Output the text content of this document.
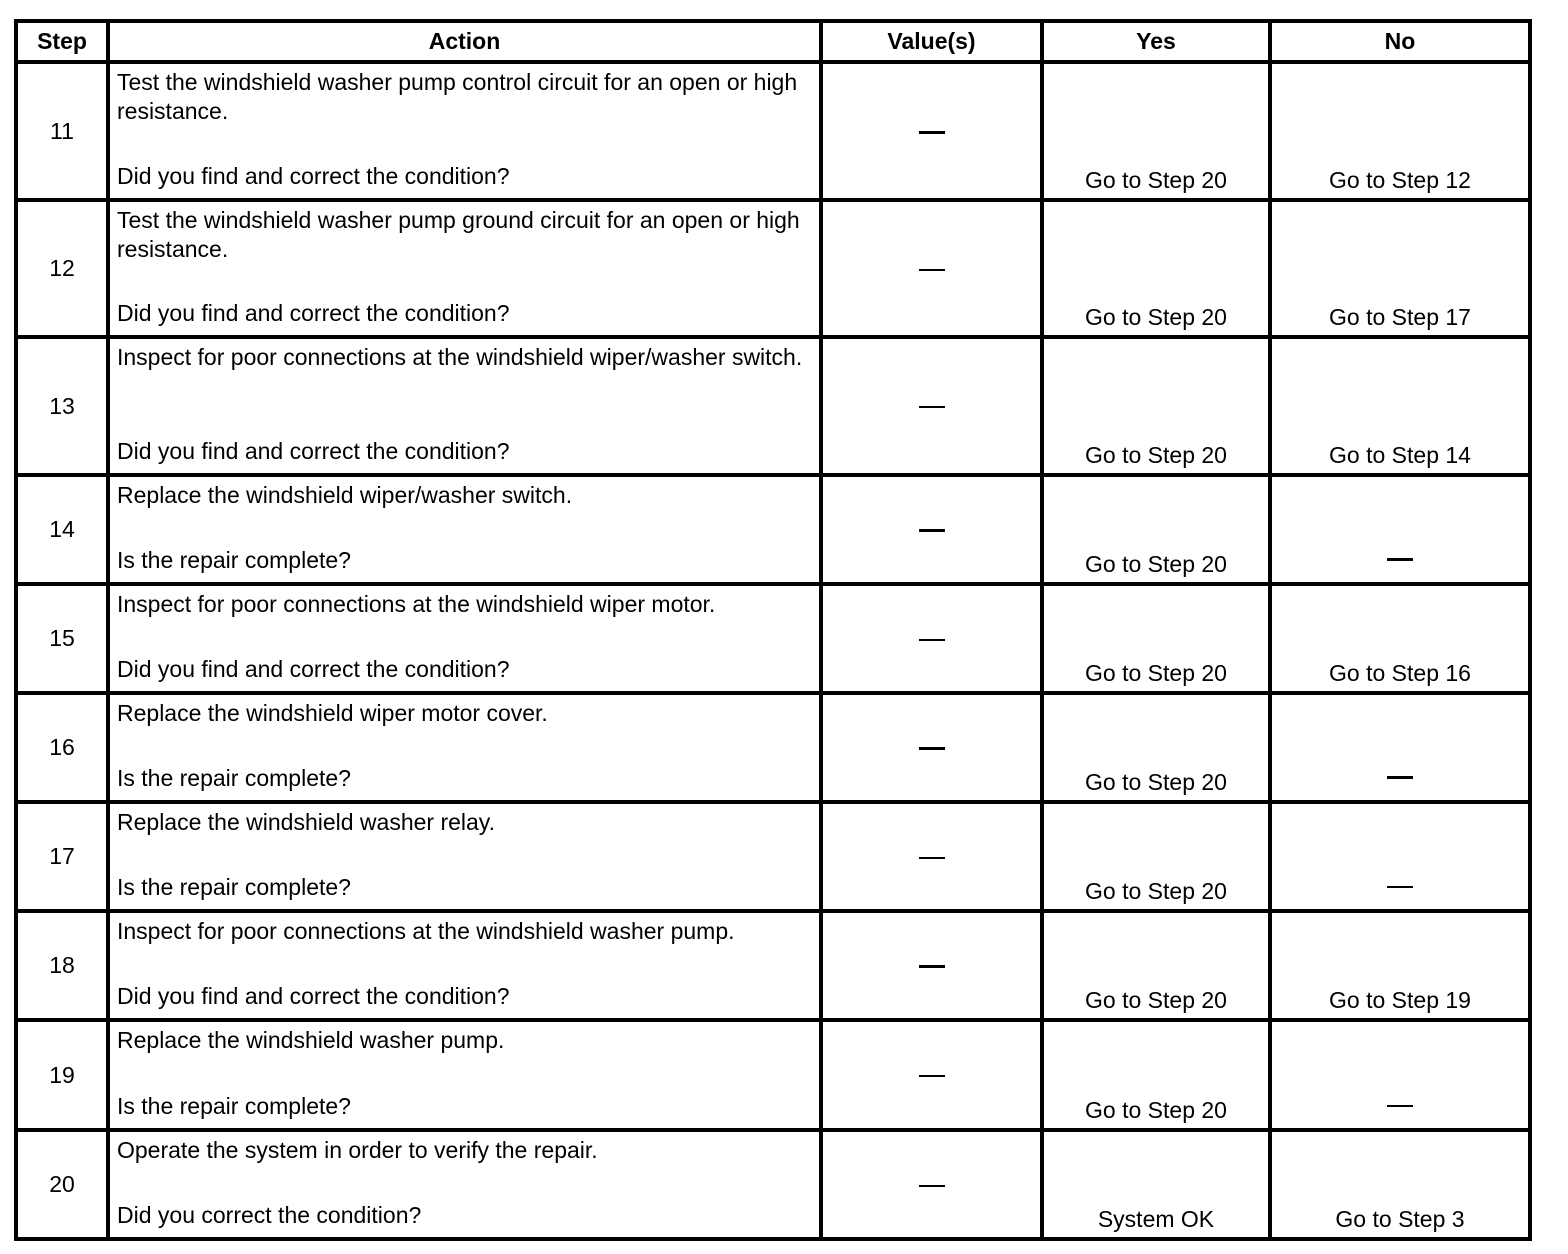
Step	Action	Value(s)	Yes	No
11	Test the windshield washer pump control circuit for an open or high resistance.
Did you find and correct the condition?		Go to Step 20	Go to Step 12
12	Test the windshield washer pump ground circuit for an open or high resistance.
Did you find and correct the condition?		Go to Step 20	Go to Step 17
13	Inspect for poor connections at the windshield wiper/washer switch.
Did you find and correct the condition?		Go to Step 20	Go to Step 14
14	Replace the windshield wiper/washer switch.
Is the repair complete?		Go to Step 20	
15	Inspect for poor connections at the windshield wiper motor.
Did you find and correct the condition?		Go to Step 20	Go to Step 16
16	Replace the windshield wiper motor cover.
Is the repair complete?		Go to Step 20	
17	Replace the windshield washer relay.
Is the repair complete?		Go to Step 20	
18	Inspect for poor connections at the windshield washer pump.
Did you find and correct the condition?		Go to Step 20	Go to Step 19
19	Replace the windshield washer pump.
Is the repair complete?		Go to Step 20	
20	Operate the system in order to verify the repair.
Did you correct the condition?		System OK	Go to Step 3
